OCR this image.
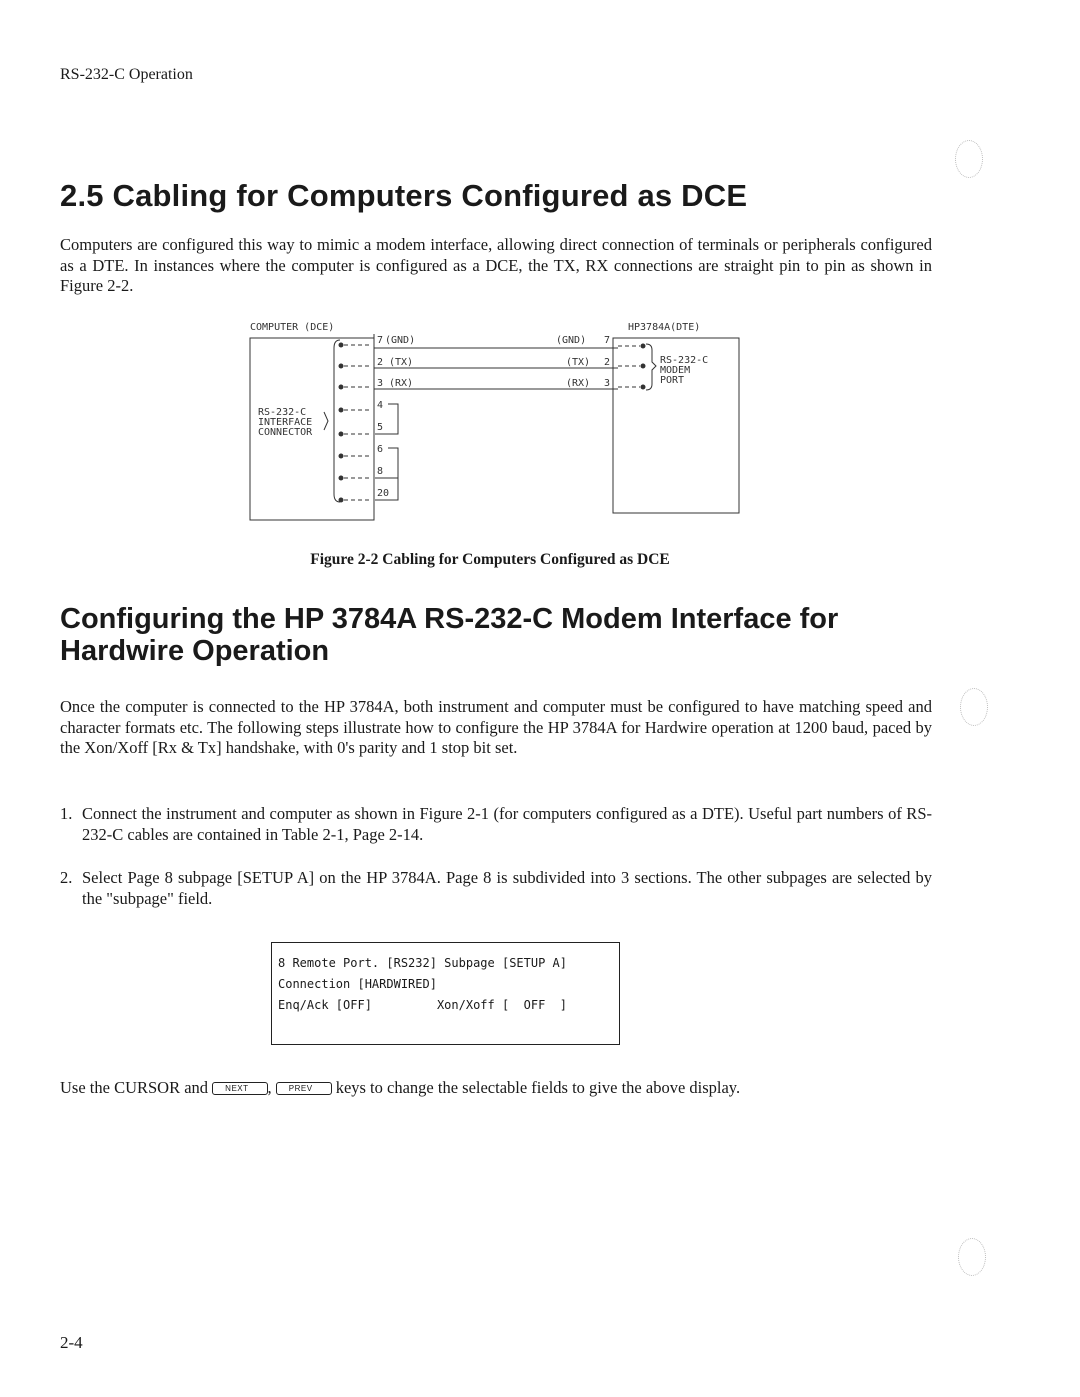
RS-232-C Operation
2.5 Cabling for Computers Configured as DCE

Computers are configured this way to mimic a modem interface, allowing direct connection of terminals or peripherals configured as a DTE. In instances where the computer is configured as a DCE, the TX, RX connections are straight pin to pin as shown in Figure 2-2.

COMPUTER (DCE)
RS-232-C
INTERFACE
CONNECTOR
7 (GND)
2 (TX)
3 (RX)
4
5
6
8
20
HP3784A(DTE)
(GND) 7
(TX) 2
(RX) 3
RS-232-C
MODEM
PORT
Figure 2-2 Cabling for Computers Configured as DCE
Configuring the HP 3784A RS-232-C Modem Interface for Hardwire Operation

Once the computer is connected to the HP 3784A, both instrument and computer must be configured to have matching speed and character formats etc. The following steps illustrate how to configure the HP 3784A for Hardwire operation at 1200 baud, paced by the Xon/Xoff [Rx & Tx] handshake, with 0's parity and 1 stop bit set.

1. Connect the instrument and computer as shown in Figure 2-1 (for computers configured as a DTE). Useful part numbers of RS-232-C cables are contained in Table 2-1, Page 2-14.
2. Select Page 8 subpage [SETUP A] on the HP 3784A. Page 8 is subdivided into 3 sections. The other subpages are selected by the "subpage" field.
8 Remote Port. [RS232] Subpage [SETUP A]
Connection [HARDWIRED]
Enq/Ack [OFF]         Xon/Xoff [  OFF  ]
Use the CURSOR and NEXT , PREV keys to change the selectable fields to give the above display.
2-4
